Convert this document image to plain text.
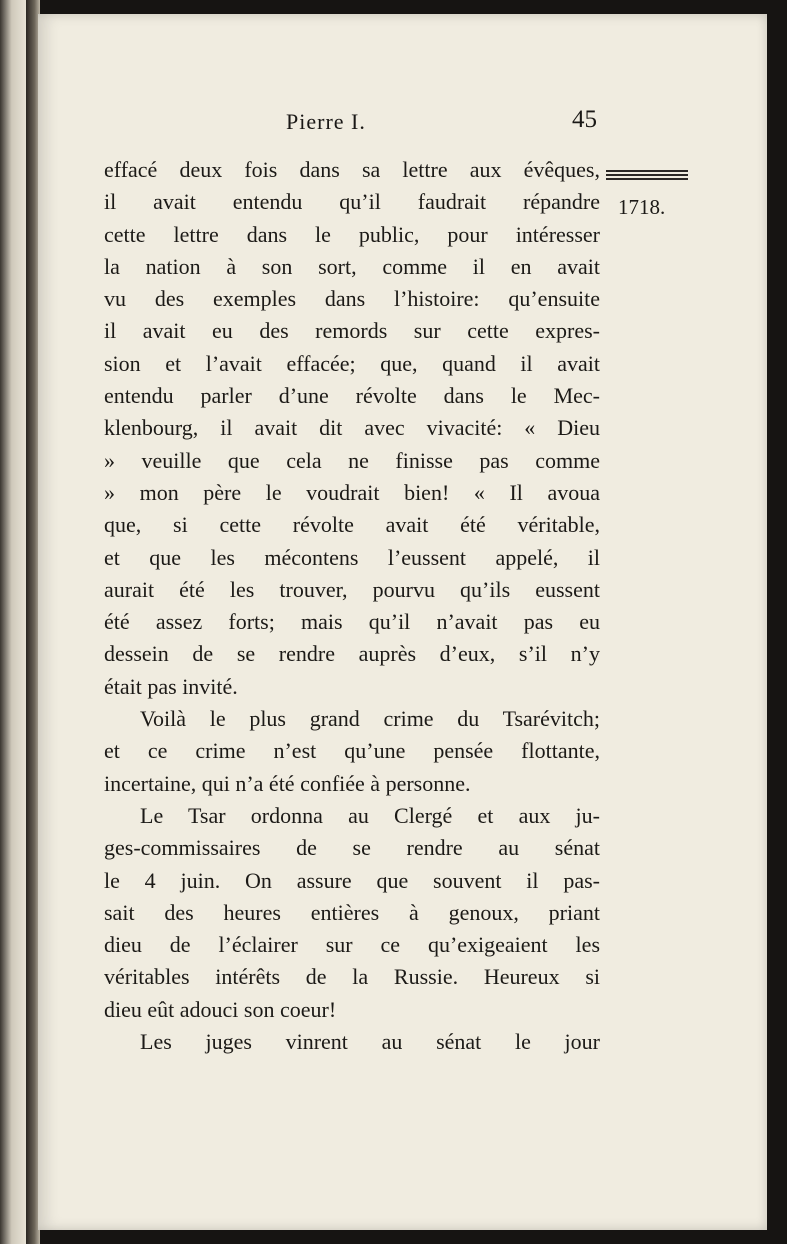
Pierre I.	45
1718.
effacé deux fois dans sa lettre aux évêques,
il avait entendu qu’il faudrait répandre
cette lettre dans le public, pour intéresser
la nation à son sort, comme il en avait
vu des exemples dans l’histoire: qu’ensuite
il avait eu des remords sur cette expres-
sion et l’avait effacée; que, quand il avait
entendu parler d’une révolte dans le Mec-
klenbourg, il avait dit avec vivacité: « Dieu
» veuille que cela ne finisse pas comme
» mon père le voudrait bien! « Il avoua
que, si cette révolte avait été véritable,
et que les mécontens l’eussent appelé, il
aurait été les trouver, pourvu qu’ils eussent
été assez forts; mais qu’il n’avait pas eu
dessein de se rendre auprès d’eux, s’il n’y
était pas invité.
Voilà le plus grand crime du Tsarévitch;
et ce crime n’est qu’une pensée flottante,
incertaine, qui n’a été confiée à personne.
Le Tsar ordonna au Clergé et aux ju-
ges-commissaires de se rendre au sénat
le 4 juin. On assure que souvent il pas-
sait des heures entières à genoux, priant
dieu de l’éclairer sur ce qu’exigeaient les
véritables intérêts de la Russie. Heureux si
dieu eût adouci son coeur!
Les juges vinrent au sénat le jour
